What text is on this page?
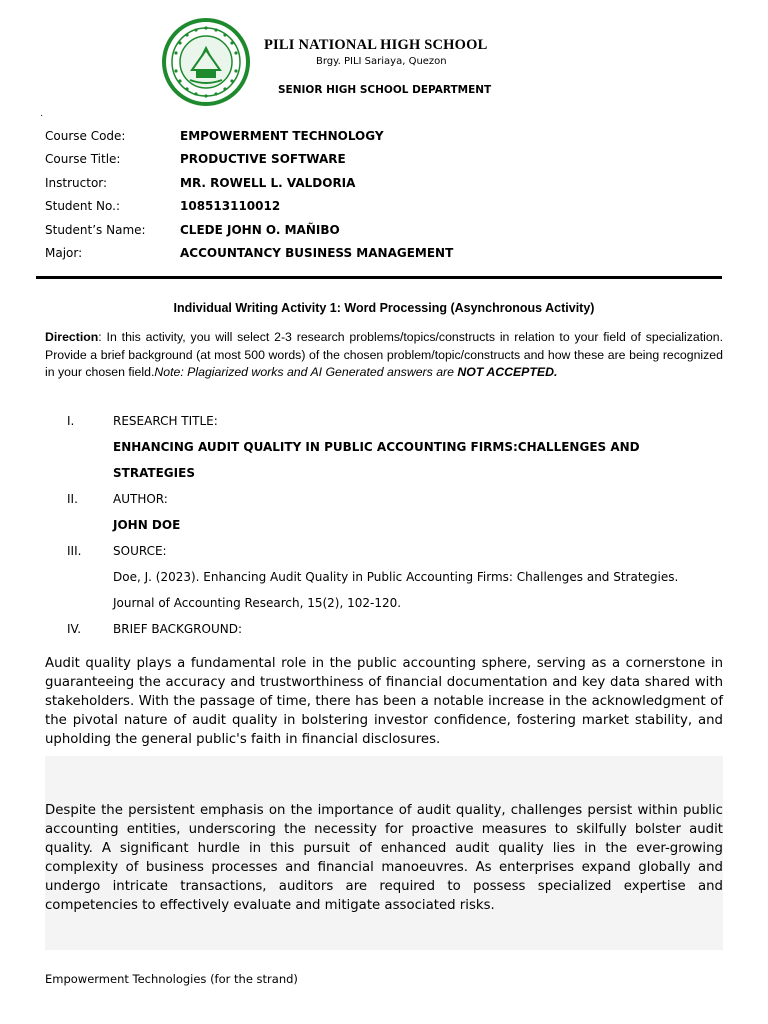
PILI NATIONAL HIGH SCHOOL
Brgy. PILI Sariaya, Quezon
SENIOR HIGH SCHOOL DEPARTMENT
·
Course Code:	EMPOWERMENT TECHNOLOGY
Course Title:	PRODUCTIVE SOFTWARE
Instructor:	MR. ROWELL L. VALDORIA
Student No.:	108513110012
Student’s Name:	CLEDE JOHN O. MAÑIBO
Major:	ACCOUNTANCY BUSINESS MANAGEMENT
Individual Writing Activity 1: Word Processing (Asynchronous Activity)
Direction: In this activity, you will select 2-3 research problems/topics/constructs in relation to your field of specialization. Provide a brief background (at most 500 words) of the chosen problem/topic/constructs and how these are being recognized in your chosen field.Note: Plagiarized works and AI Generated answers are NOT ACCEPTED.
I.	RESEARCH TITLE:
ENHANCING AUDIT QUALITY IN PUBLIC ACCOUNTING FIRMS:CHALLENGES AND
STRATEGIES
II.	AUTHOR:
JOHN DOE
III.	SOURCE:
Doe, J. (2023). Enhancing Audit Quality in Public Accounting Firms: Challenges and Strategies.
Journal of Accounting Research, 15(2), 102-120.
IV.	BRIEF BACKGROUND:
Audit quality plays a fundamental role in the public accounting sphere, serving as a cornerstone in guaranteeing the accuracy and trustworthiness of financial documentation and key data shared with stakeholders. With the passage of time, there has been a notable increase in the acknowledgment of the pivotal nature of audit quality in bolstering investor confidence, fostering market stability, and upholding the general public's faith in financial disclosures.
Despite the persistent emphasis on the importance of audit quality, challenges persist within public accounting entities, underscoring the necessity for proactive measures to skilfully bolster audit quality. A significant hurdle in this pursuit of enhanced audit quality lies in the ever-growing complexity of business processes and financial manoeuvres. As enterprises expand globally and undergo intricate transactions, auditors are required to possess specialized expertise and competencies to effectively evaluate and mitigate associated risks.
Empowerment Technologies (for the strand)
